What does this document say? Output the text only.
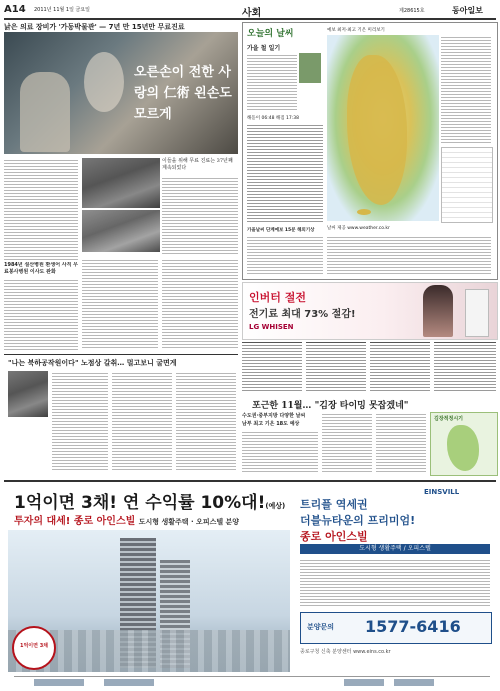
A14 2011년 11월 1일 금요일	사회	제28615호	동아일보
낡은 의료 장비가 '가동박물관' — 7년 만 15년만 무료진료
오른손이 전한 사랑의 仁術 왼손도 모르게
1984년 설산병원 환생어 사직 무료봉사병원 이사도 완화
이들을 위해 무료 진료는 37년째 계속되었다
"나는 북하공작원이다" 노점상 갈취… 멀고보니 굴면게
오늘의 날씨
가을 철 일기
해돋이 06:48 해짐 17:38
가을날씨 단계예보 15분 해외기상
예보 최저·최고 기온 미리보기
날씨 제공 www.weather.co.kr
인버터 절전
전기료 최대 73% 절감!
LG WHISEN
포근한 11월… "김장 타이밍 못잡겠네"
수도권·중부지방 다양한 날씨
남부 최고 기온 18도 예상
김장적정시기
1억이면 3채! 연 수익률 10%대!(예상)
투자의 대세! 종로 아인스빌 도시형 생활주택 · 오피스텔 분양
1억이면 3채
EINSVILL
트리플 역세권
더블뉴타운의 프리미엄!
종로 아인스빌
도시형 생활주택 / 오피스텔
분양문의 1577-6416
종로구청 신축 분양센터 www.eins.co.kr
